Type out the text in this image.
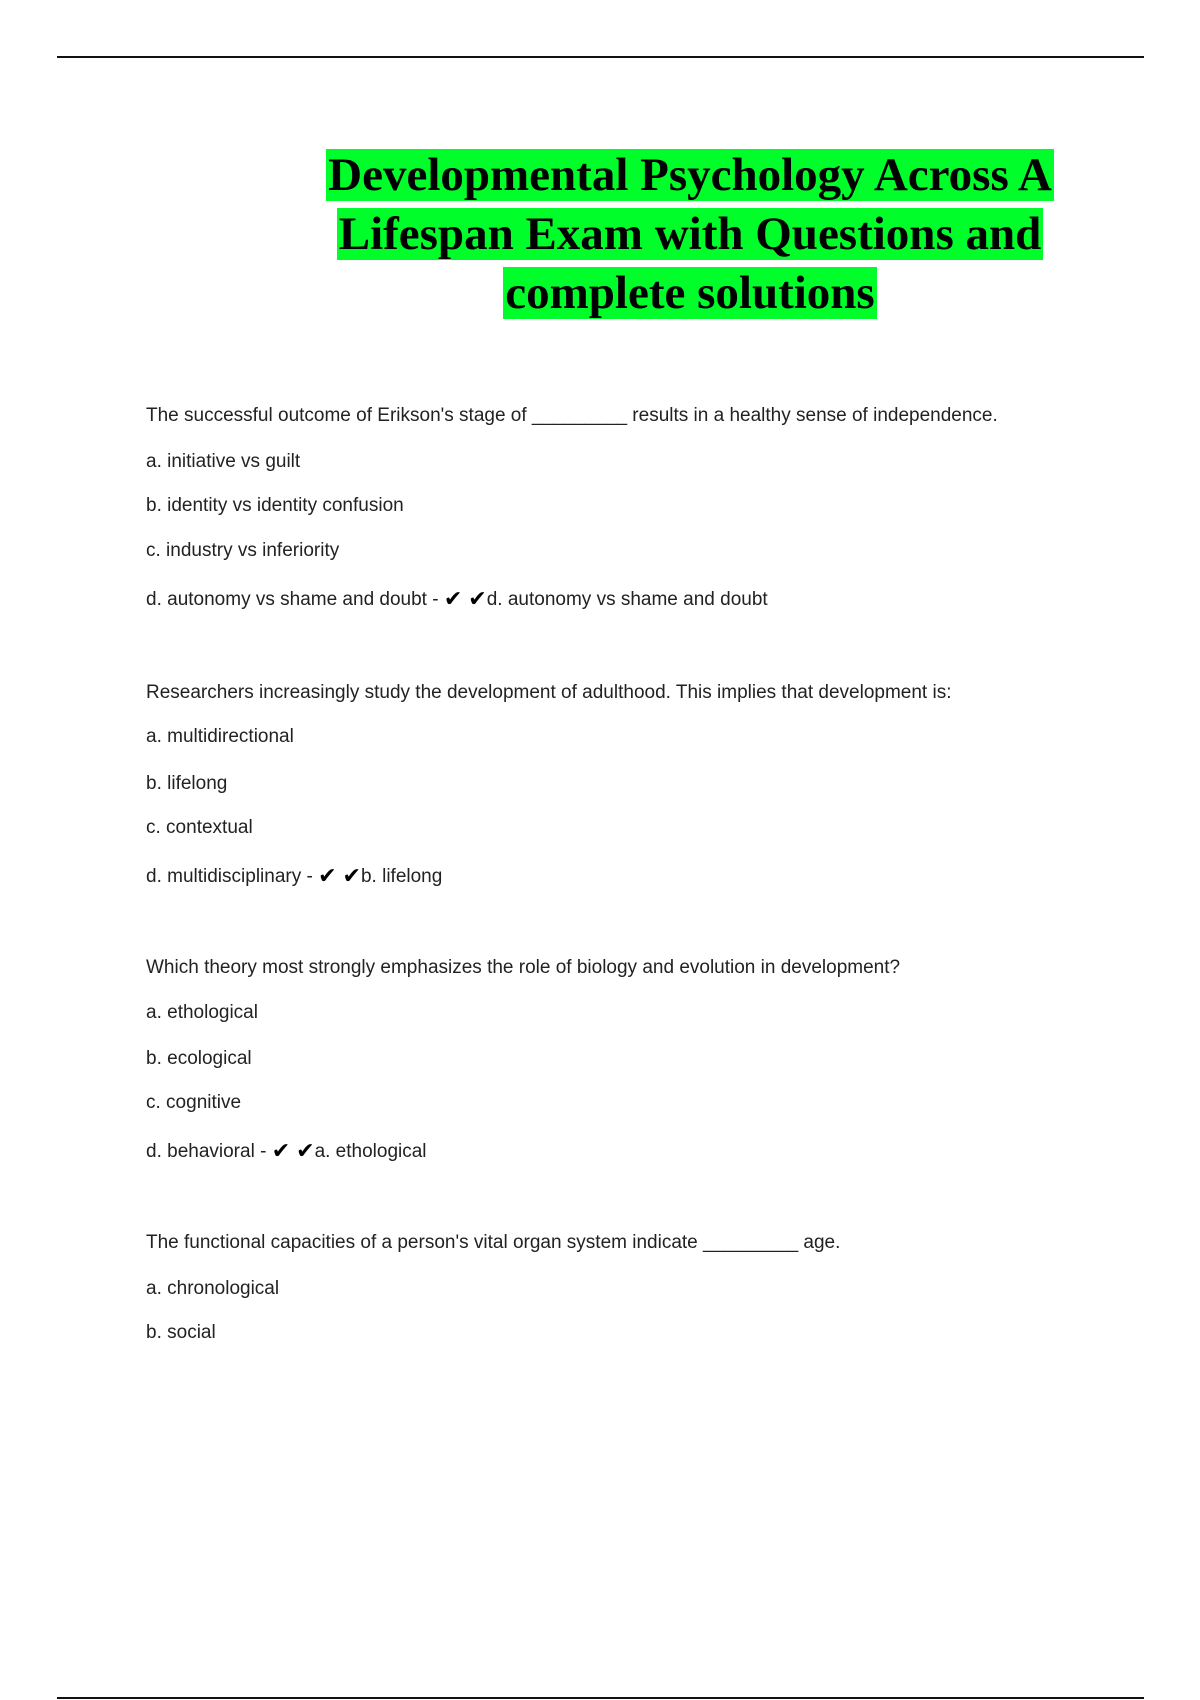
Developmental Psychology Across A
Lifespan Exam with Questions and
complete solutions
The successful outcome of Erikson's stage of _________ results in a healthy sense of independence.
a. initiative vs guilt
b. identity vs identity confusion
c. industry vs inferiority
d. autonomy vs shame and doubt - ✔ ✔d. autonomy vs shame and doubt
Researchers increasingly study the development of adulthood. This implies that development is:
a. multidirectional
b. lifelong
c. contextual
d. multidisciplinary - ✔ ✔b. lifelong
Which theory most strongly emphasizes the role of biology and evolution in development?
a. ethological
b. ecological
c. cognitive
d. behavioral - ✔ ✔a. ethological
The functional capacities of a person's vital organ system indicate _________ age.
a. chronological
b. social
